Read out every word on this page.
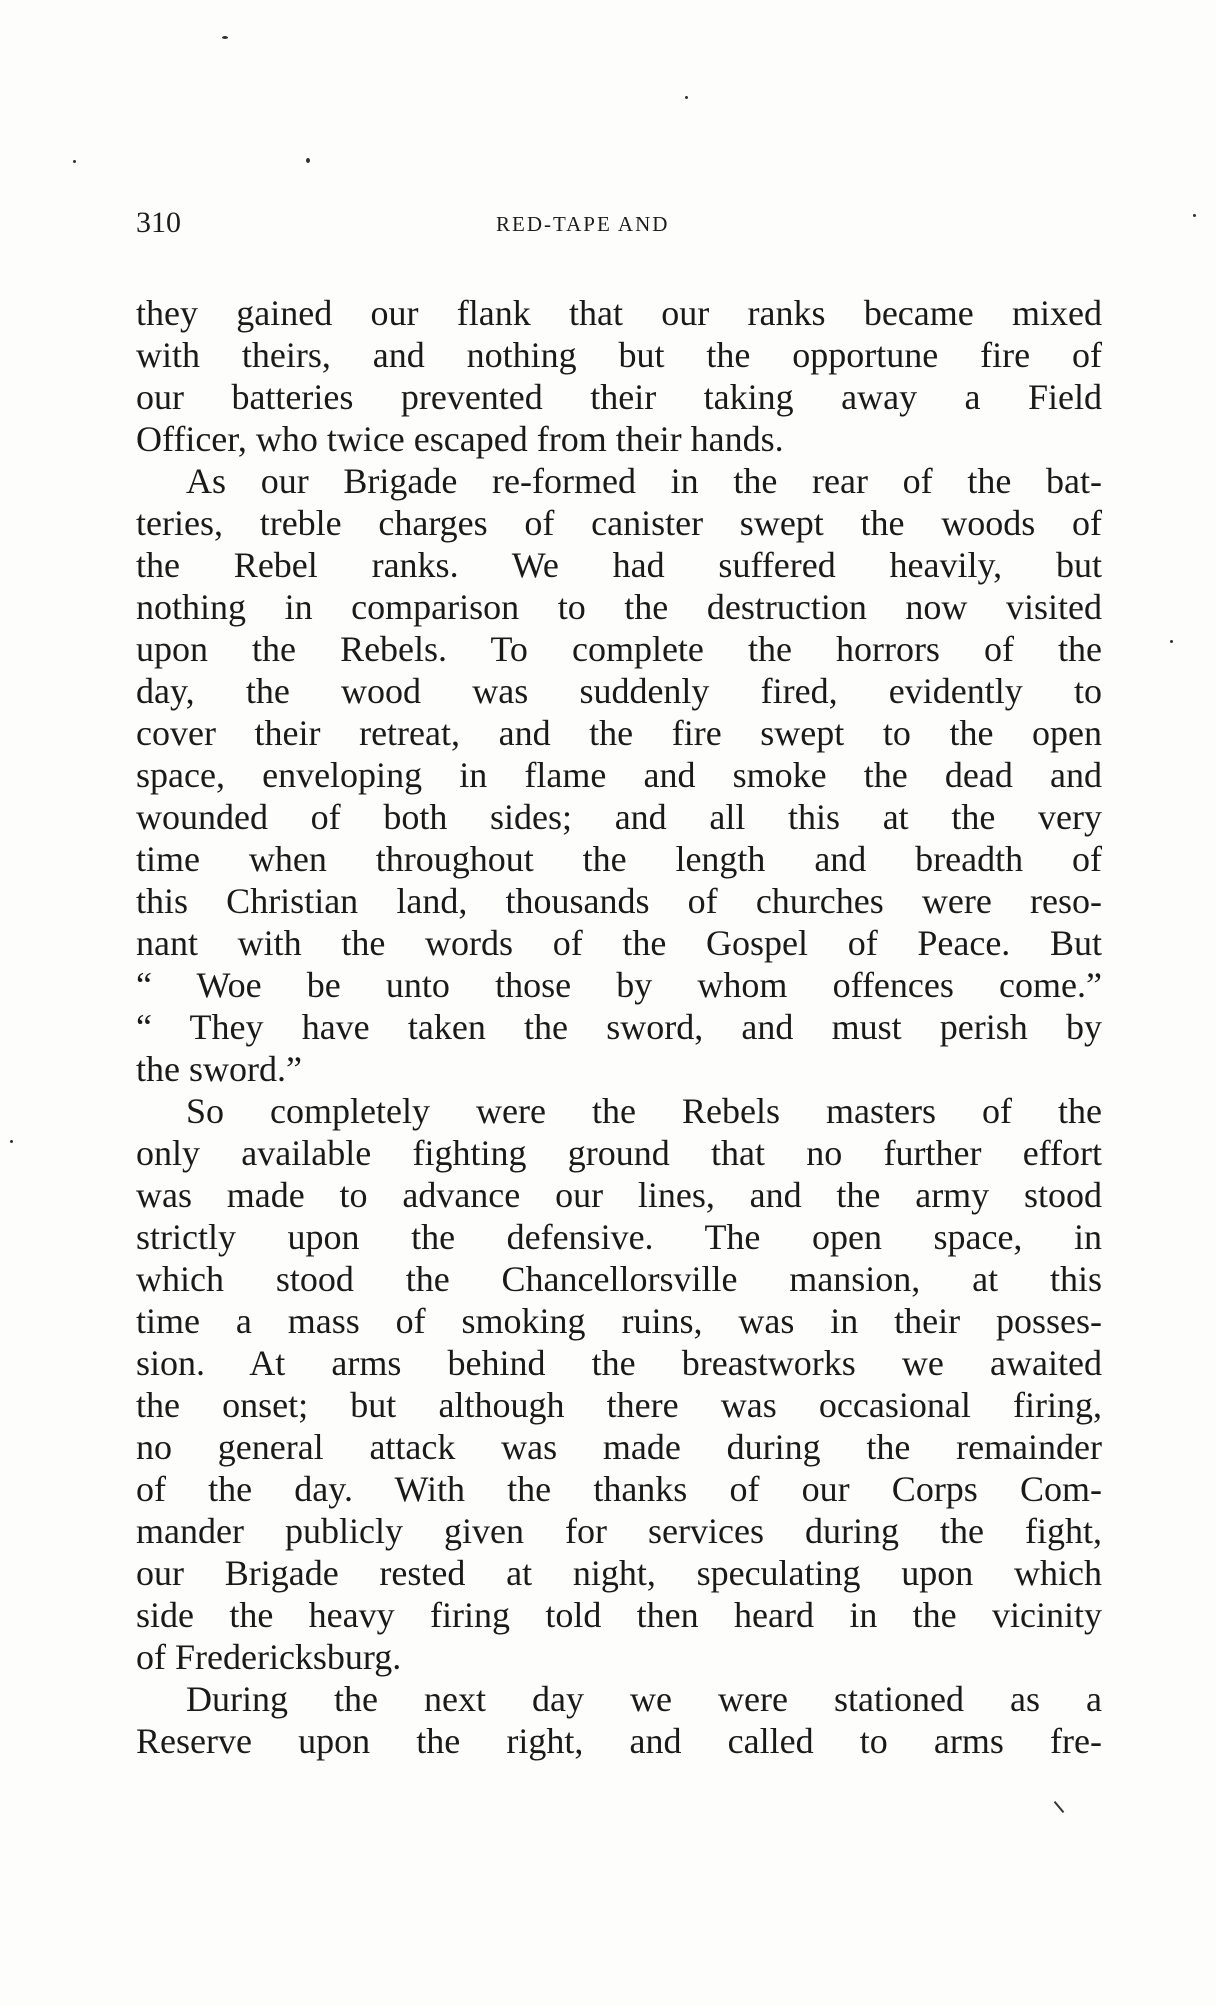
310	RED-TAPE AND
they gained our flank that our ranks became mixed
with theirs, and nothing but the opportune fire of
our batteries prevented their taking away a Field
Officer, who twice escaped from their hands.
As our Brigade re-formed in the rear of the bat-
teries, treble charges of canister swept the woods of
the Rebel ranks. We had suffered heavily, but
nothing in comparison to the destruction now visited
upon the Rebels. To complete the horrors of the
day, the wood was suddenly fired, evidently to
cover their retreat, and the fire swept to the open
space, enveloping in flame and smoke the dead and
wounded of both sides; and all this at the very
time when throughout the length and breadth of
this Christian land, thousands of churches were reso-
nant with the words of the Gospel of Peace. But
“ Woe be unto those by whom offences come.”
“ They have taken the sword, and must perish by
the sword.”
So completely were the Rebels masters of the
only available fighting ground that no further effort
was made to advance our lines, and the army stood
strictly upon the defensive. The open space, in
which stood the Chancellorsville mansion, at this
time a mass of smoking ruins, was in their posses-
sion. At arms behind the breastworks we awaited
the onset; but although there was occasional firing,
no general attack was made during the remainder
of the day. With the thanks of our Corps Com-
mander publicly given for services during the fight,
our Brigade rested at night, speculating upon which
side the heavy firing told then heard in the vicinity
of Fredericksburg.
During the next day we were stationed as a
Reserve upon the right, and called to arms fre-
